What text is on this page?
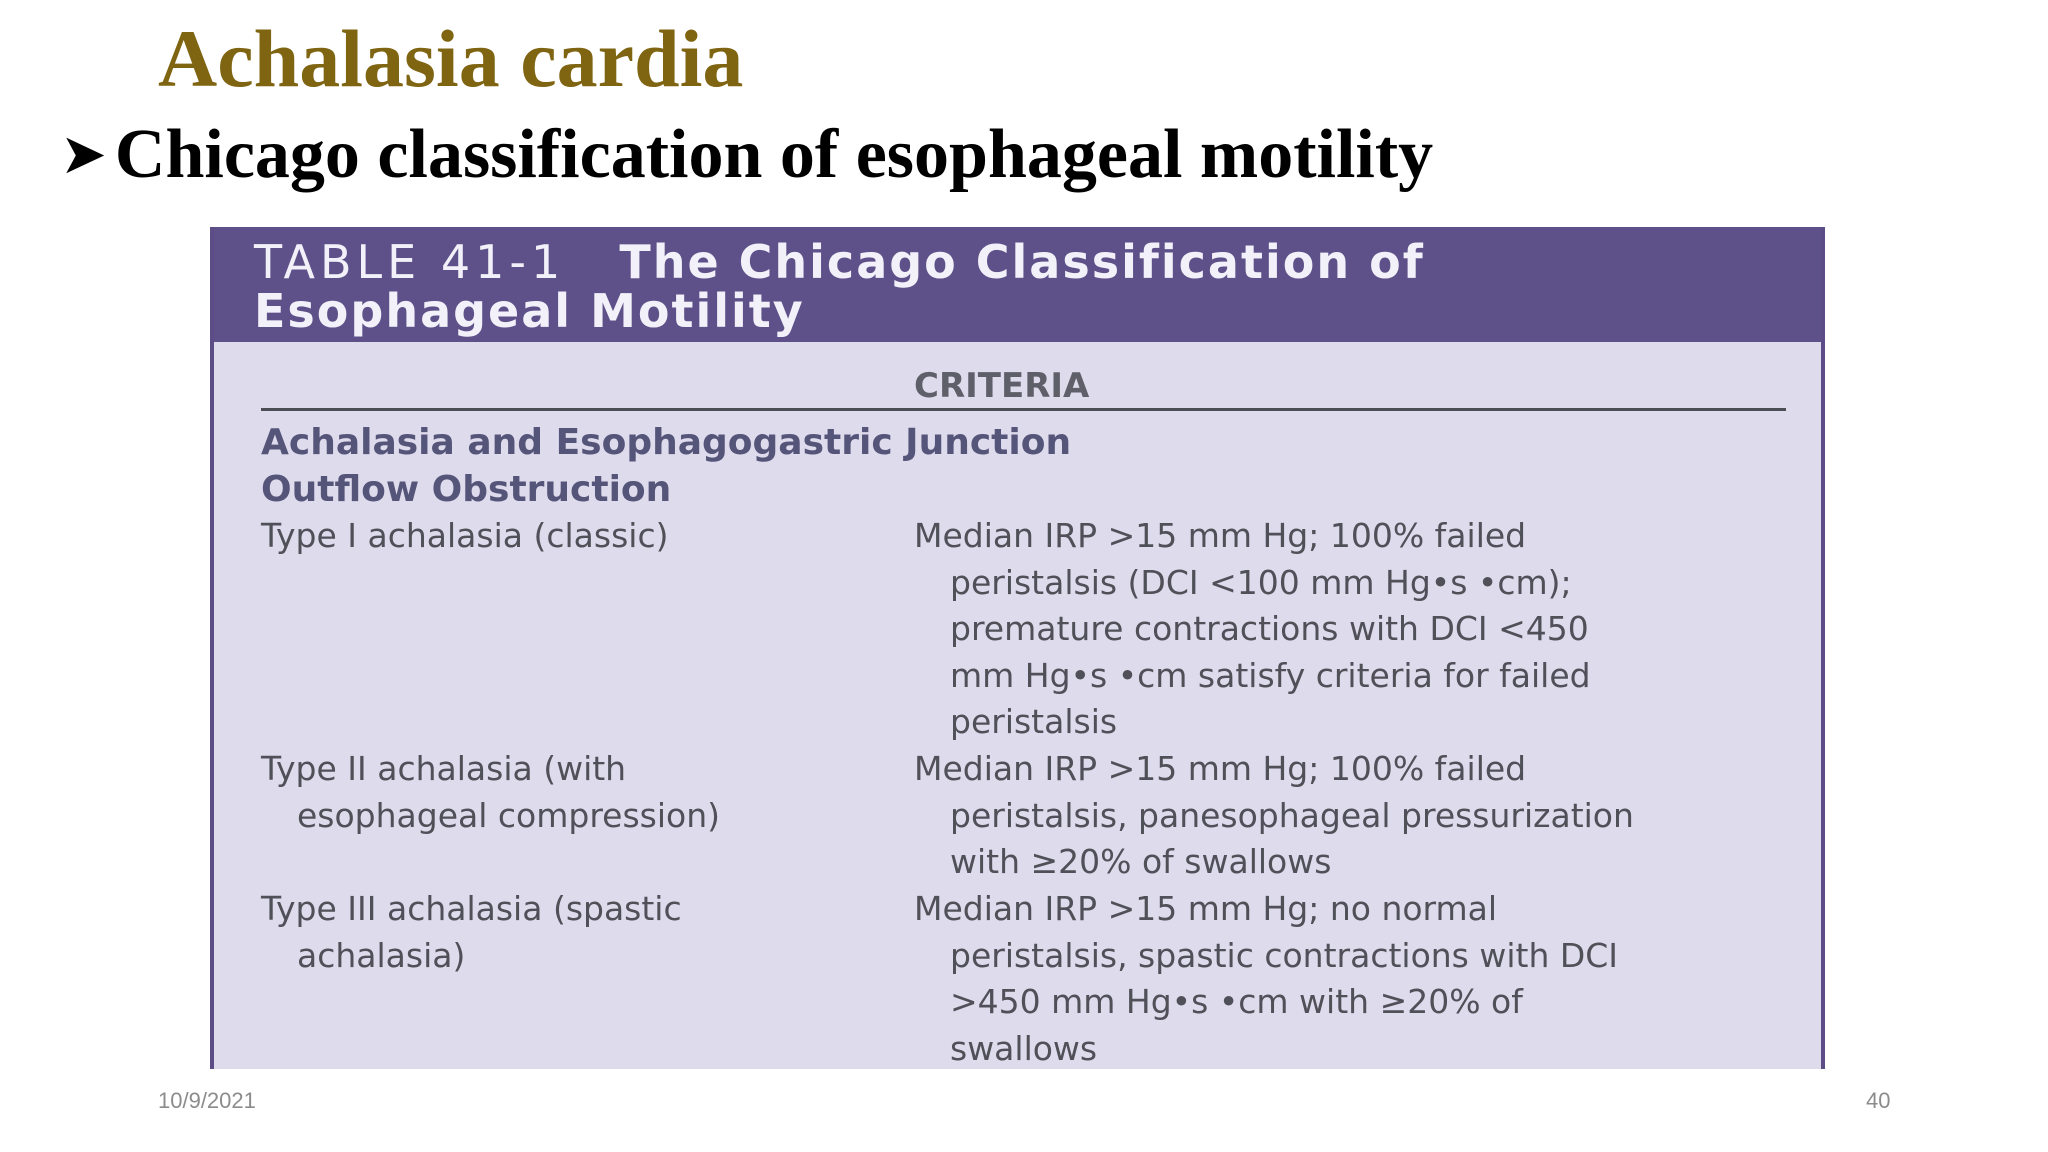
Achalasia cardia
➤ Chicago classification of esophageal motility
TABLE 41-1 The Chicago Classification of
Esophageal Motility
CRITERIA
Achalasia and Esophagogastric Junction
Outflow Obstruction
Type I achalasia (classic)	Median IRP >15 mm Hg; 100% failed
peristalsis (DCI <100 mm Hg•s •cm);
premature contractions with DCI <450
mm Hg•s •cm satisfy criteria for failed
peristalsis
Type II achalasia (with
esophageal compression)
Median IRP >15 mm Hg; 100% failed
peristalsis, panesophageal pressurization
with ≥20% of swallows
Type III achalasia (spastic
achalasia)
Median IRP >15 mm Hg; no normal
peristalsis, spastic contractions with DCI
>450 mm Hg•s •cm with ≥20% of
swallows
10/9/2021	40
